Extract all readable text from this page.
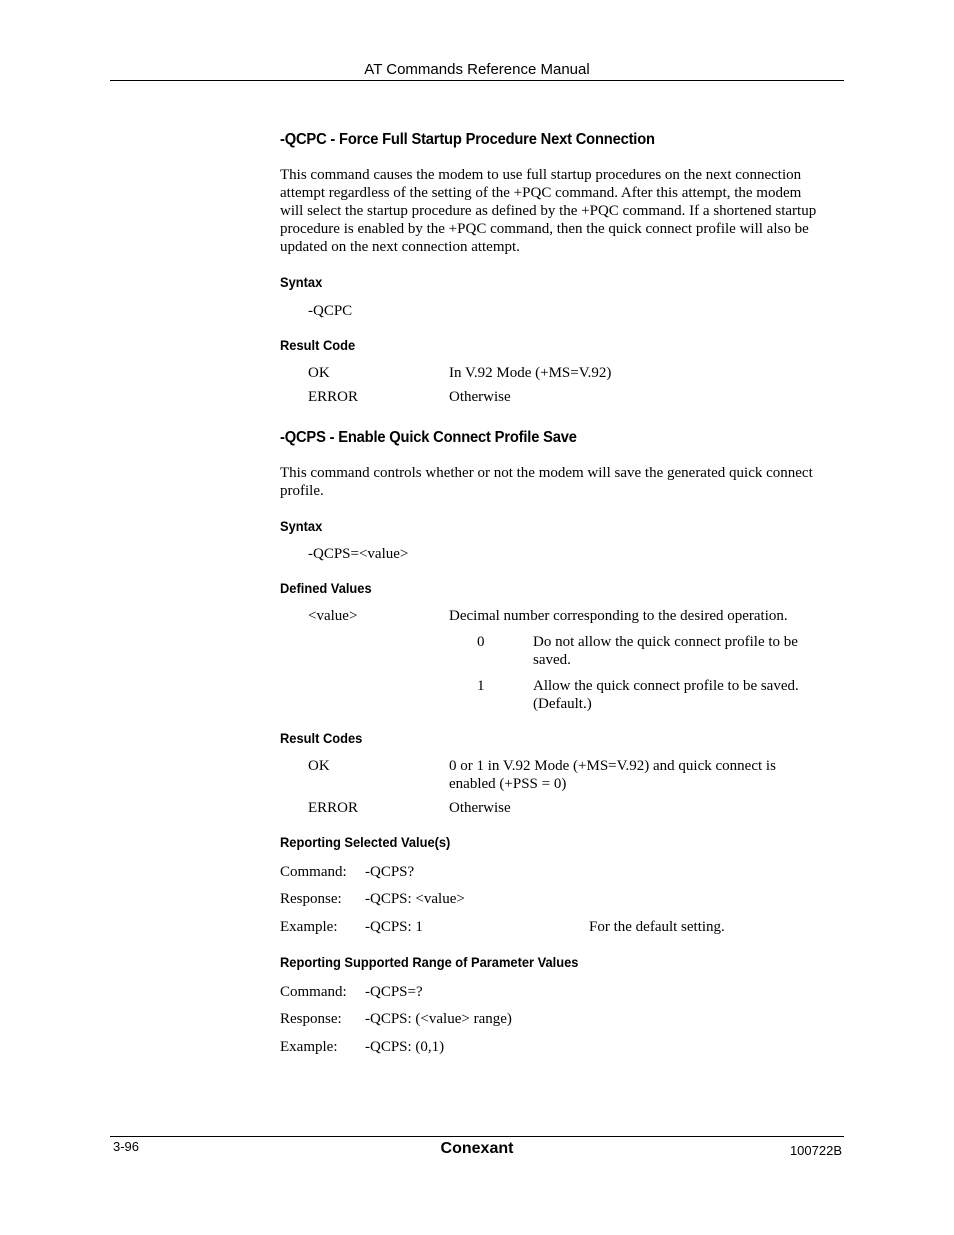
AT Commands Reference Manual
-QCPC - Force Full Startup Procedure Next Connection
This command causes the modem to use full startup procedures on the next connection
attempt regardless of the setting of the +PQC command. After this attempt, the modem
will select the startup procedure as defined by the +PQC command. If a shortened startup
procedure is enabled by the +PQC command, then the quick connect profile will also be
updated on the next connection attempt.
Syntax
-QCPC
Result Code
OK	In V.92 Mode (+MS=V.92)
ERROR	Otherwise
-QCPS - Enable Quick Connect Profile Save
This command controls whether or not the modem will save the generated quick connect
profile.
Syntax
-QCPS=<value>
Defined Values
<value>	Decimal number corresponding to the desired operation.
0	Do not allow the quick connect profile to be
saved.
1	Allow the quick connect profile to be saved.
(Default.)
Result Codes
OK	0 or 1 in V.92 Mode (+MS=V.92) and quick connect is
enabled (+PSS = 0)
ERROR	Otherwise
Reporting Selected Value(s)
Command: -QCPS?
Response: -QCPS: <value>
Example: -QCPS: 1	For the default setting.
Reporting Supported Range of Parameter Values
Command: -QCPS=?
Response: -QCPS: (<value> range)
Example: -QCPS: (0,1)
3-96	Conexant	100722B
